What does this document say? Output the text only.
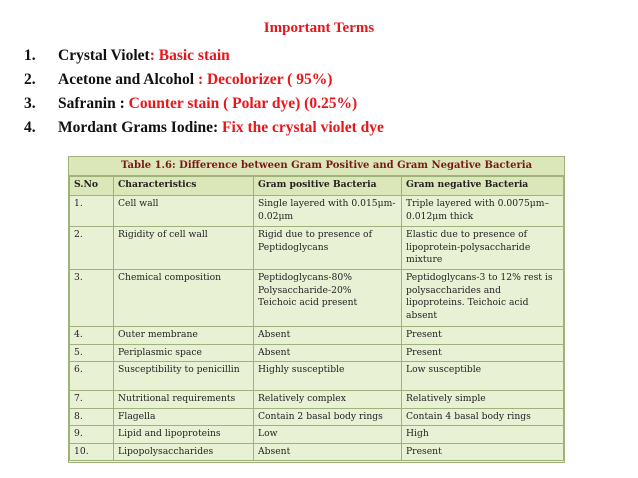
Important Terms
1. Crystal Violet: Basic stain
2. Acetone and Alcohol : Decolorizer ( 95%)
3. Safranin : Counter stain ( Polar dye) (0.25%)
4. Mordant Grams Iodine: Fix the crystal violet dye
Table 1.6: Difference between Gram Positive and Gram Negative Bacteria
S.No	Characteristics	Gram positive Bacteria	Gram negative Bacteria
1.	Cell wall	Single layered with 0.015μm-0.02μm	Triple layered with 0.0075μm–0.012μm thick
2.	Rigidity of cell wall	Rigid due to presence of Peptidoglycans	Elastic due to presence of lipoprotein-polysaccharide mixture
3.	Chemical composition	Peptidoglycans-80%
Polysaccharide-20%
Teichoic acid present	Peptidoglycans-3 to 12% rest is polysaccharides and lipoproteins. Teichoic acid absent
4.	Outer membrane	Absent	Present
5.	Periplasmic space	Absent	Present
6.	Susceptibility to penicillin	Highly susceptible	Low susceptible
7.	Nutritional requirements	Relatively complex	Relatively simple
8.	Flagella	Contain 2 basal body rings	Contain 4 basal body rings
9.	Lipid and lipoproteins	Low	High
10.	Lipopolysaccharides	Absent	Present
